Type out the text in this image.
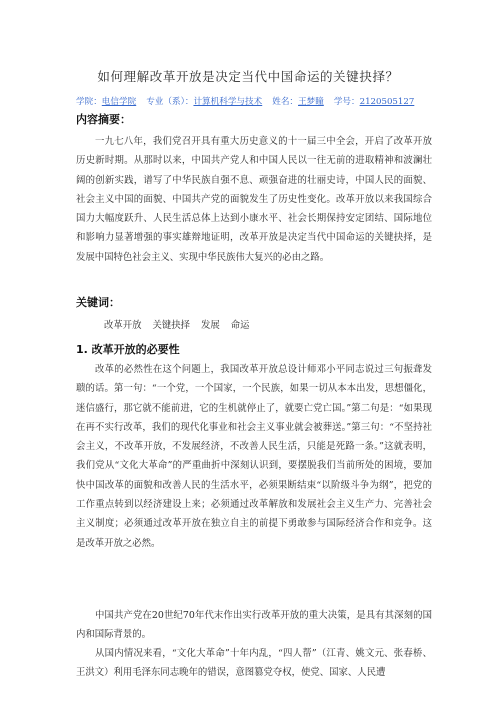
如何理解改革开放是决定当代中国命运的关键抉择？
学院：电信学院 专业（系）：计算机科学与技术 姓名：王梦瞳 学号：2120505127
内容摘要：

一九七八年，我们党召开具有重大历史意义的十一届三中全会，开启了改革开放历史新时期。从那时以来，中国共产党人和中国人民以一往无前的进取精神和波澜壮阔的创新实践，谱写了中华民族自强不息、顽强奋进的壮丽史诗，中国人民的面貌、社会主义中国的面貌、中国共产党的面貌发生了历史性变化。改革开放以来我国综合国力大幅度跃升、人民生活总体上达到小康水平、社会长期保持安定团结、国际地位和影响力显著增强的事实雄辩地证明，改革开放是决定当代中国命运的关键抉择，是发展中国特色社会主义、实现中华民族伟大复兴的必由之路。

关键词：
改革开放 关键抉择 发展 命运
1. 改革开放的必要性

改革的必然性在这个问题上，我国改革开放总设计师邓小平同志说过三句振聋发聩的话。第一句：“一个党，一个国家，一个民族，如果一切从本本出发，思想僵化，迷信盛行，那它就不能前进，它的生机就停止了，就要亡党亡国。”第二句是：“如果现在再不实行改革，我们的现代化事业和社会主义事业就会被葬送。”第三句：“不坚持社会主义，不改革开放，不发展经济，不改善人民生活，只能是死路一条。”这就表明，我们党从“文化大革命”的严重曲折中深刻认识到，要摆脱我们当前所处的困境，要加快中国改革的面貌和改善人民的生活水平，必须果断结束“以阶级斗争为纲”，把党的工作重点转到以经济建设上来；必须通过改革解放和发展社会主义生产力、完善社会主义制度；必须通过改革开放在独立自主的前提下勇敢参与国际经济合作和竞争。这是改革开放之必然。

中国共产党在20世纪70年代末作出实行改革开放的重大决策，是具有其深刻的国内和国际背景的。

从国内情况来看，“文化大革命”十年内乱，“四人帮”（江青、姚文元、张春桥、王洪文）利用毛泽东同志晚年的错误，意图篡党夺权，使党、国家、人民遭
